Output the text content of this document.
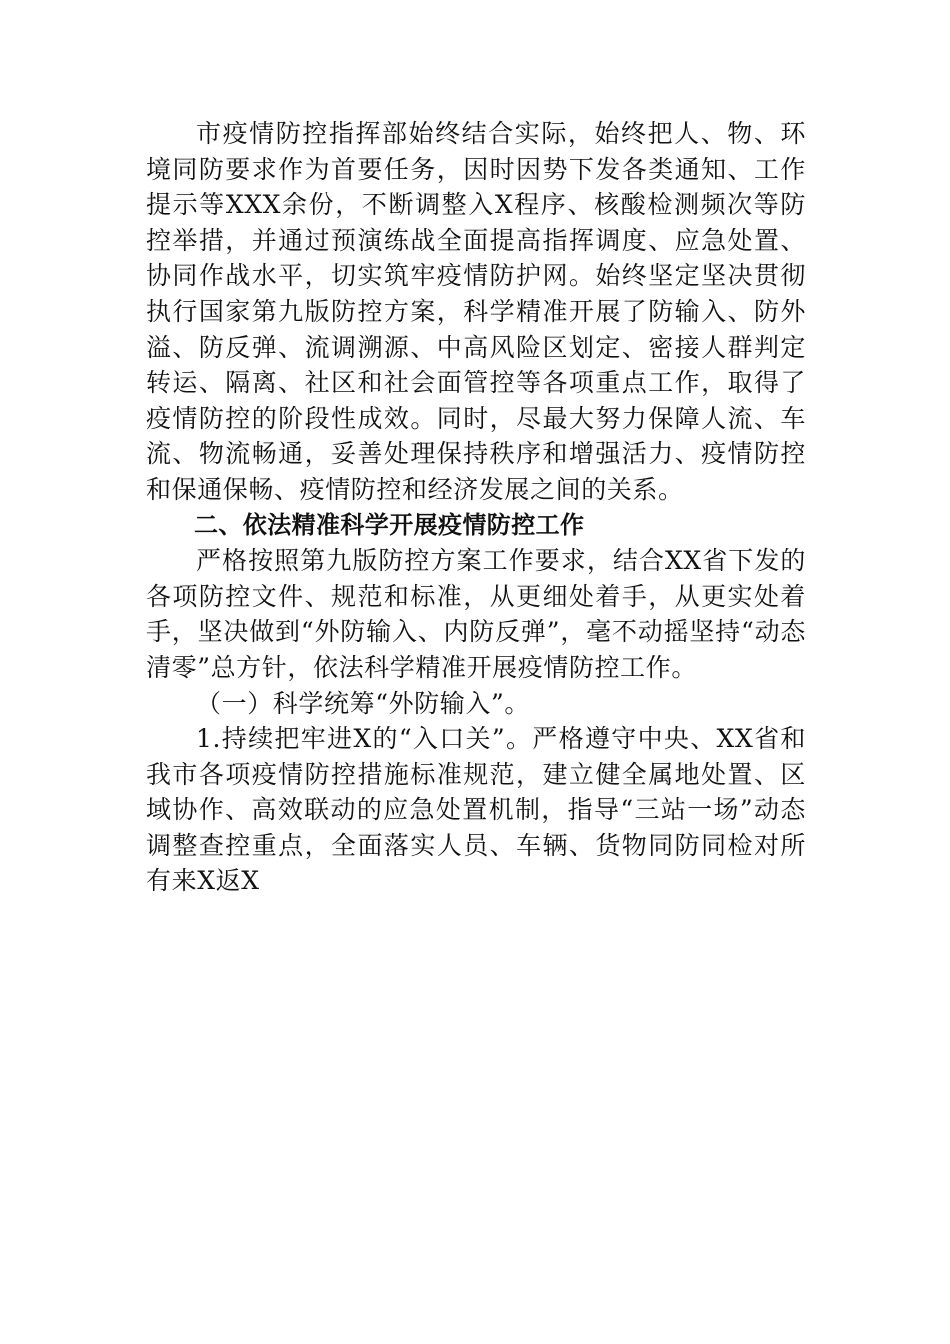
市疫情防控指挥部始终结合实际，始终把人、物、环境同防要求作为首要任务，因时因势下发各类通知、工作提示等XXX余份，不断调整入X程序、核酸检测频次等防控举措，并通过预演练战全面提高指挥调度、应急处置、协同作战水平，切实筑牢疫情防护网。始终坚定坚决贯彻执行国家第九版防控方案，科学精准开展了防输入、防外溢、防反弹、流调溯源、中高风险区划定、密接人群判定转运、隔离、社区和社会面管控等各项重点工作，取得了疫情防控的阶段性成效。同时，尽最大努力保障人流、车流、物流畅通，妥善处理保持秩序和增强活力、疫情防控和保通保畅、疫情防控和经济发展之间的关系。

二、依法精准科学开展疫情防控工作

严格按照第九版防控方案工作要求，结合XX省下发的各项防控文件、规范和标准，从更细处着手，从更实处着手，坚决做到“外防输入、内防反弹”，毫不动摇坚持“动态清零”总方针，依法科学精准开展疫情防控工作。

（一）科学统筹“外防输入”。

1.持续把牢进X的“入口关”。严格遵守中央、XX省和我市各项疫情防控措施标准规范，建立健全属地处置、区域协作、高效联动的应急处置机制，指导“三站一场”动态调整查控重点，全面落实人员、车辆、货物同防同检对所有来X返X
